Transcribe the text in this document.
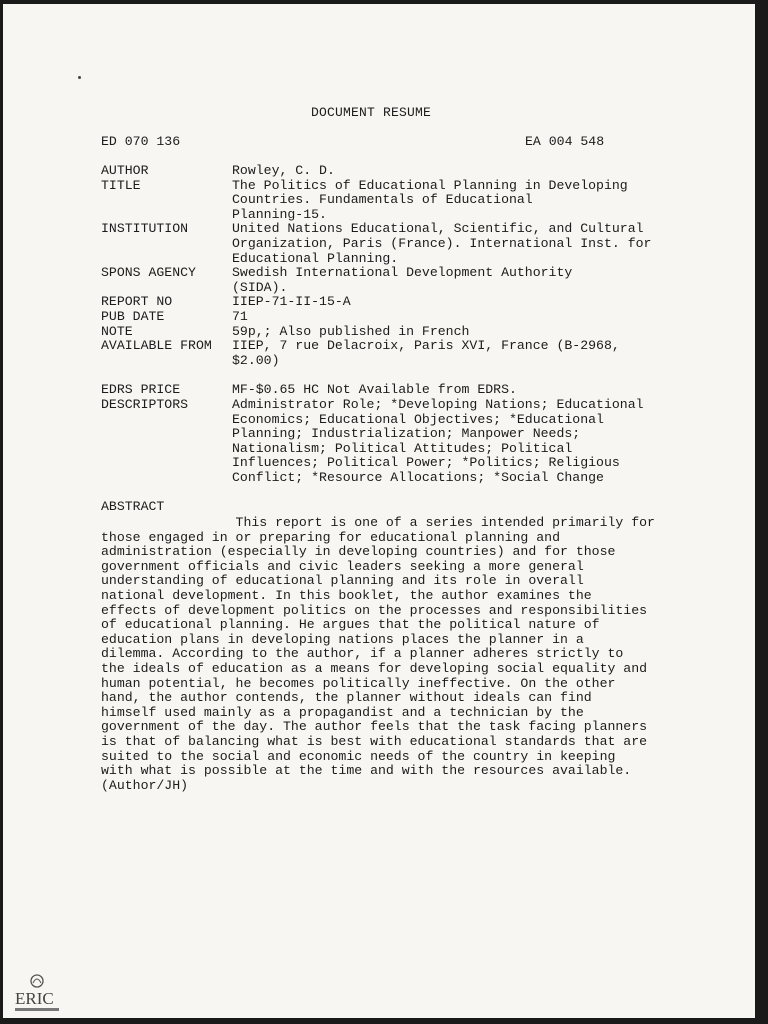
DOCUMENT RESUME
ED 070 136	EA 004 548
AUTHOR	Rowley, C. D.
TITLE	The Politics of Educational Planning in Developing
Countries. Fundamentals of Educational
Planning-15.
INSTITUTION	United Nations Educational, Scientific, and Cultural
Organization, Paris (France). International Inst. for
Educational Planning.
SPONS AGENCY	Swedish International Development Authority
(SIDA).
REPORT NO	IIEP-71-II-15-A
PUB DATE	71
NOTE	59p,; Also published in French
AVAILABLE FROM	IIEP, 7 rue Delacroix, Paris XVI, France (B-2968,
$2.00)
EDRS PRICE	MF-$0.65 HC Not Available from EDRS.
DESCRIPTORS	Administrator Role; *Developing Nations; Educational
Economics; Educational Objectives; *Educational
Planning; Industrialization; Manpower Needs;
Nationalism; Political Attitudes; Political
Influences; Political Power; *Politics; Religious
Conflict; *Resource Allocations; *Social Change
ABSTRACT
This report is one of a series intended primarily for
those engaged in or preparing for educational planning and
administration (especially in developing countries) and for those
government officials and civic leaders seeking a more general
understanding of educational planning and its role in overall
national development. In this booklet, the author examines the
effects of development politics on the processes and responsibilities
of educational planning. He argues that the political nature of
education plans in developing nations places the planner in a
dilemma. According to the author, if a planner adheres strictly to
the ideals of education as a means for developing social equality and
human potential, he becomes politically ineffective. On the other
hand, the author contends, the planner without ideals can find
himself used mainly as a propagandist and a technician by the
government of the day. The author feels that the task facing planners
is that of balancing what is best with educational standards that are
suited to the social and economic needs of the country in keeping
with what is possible at the time and with the resources available.
(Author/JH)
ERIC
